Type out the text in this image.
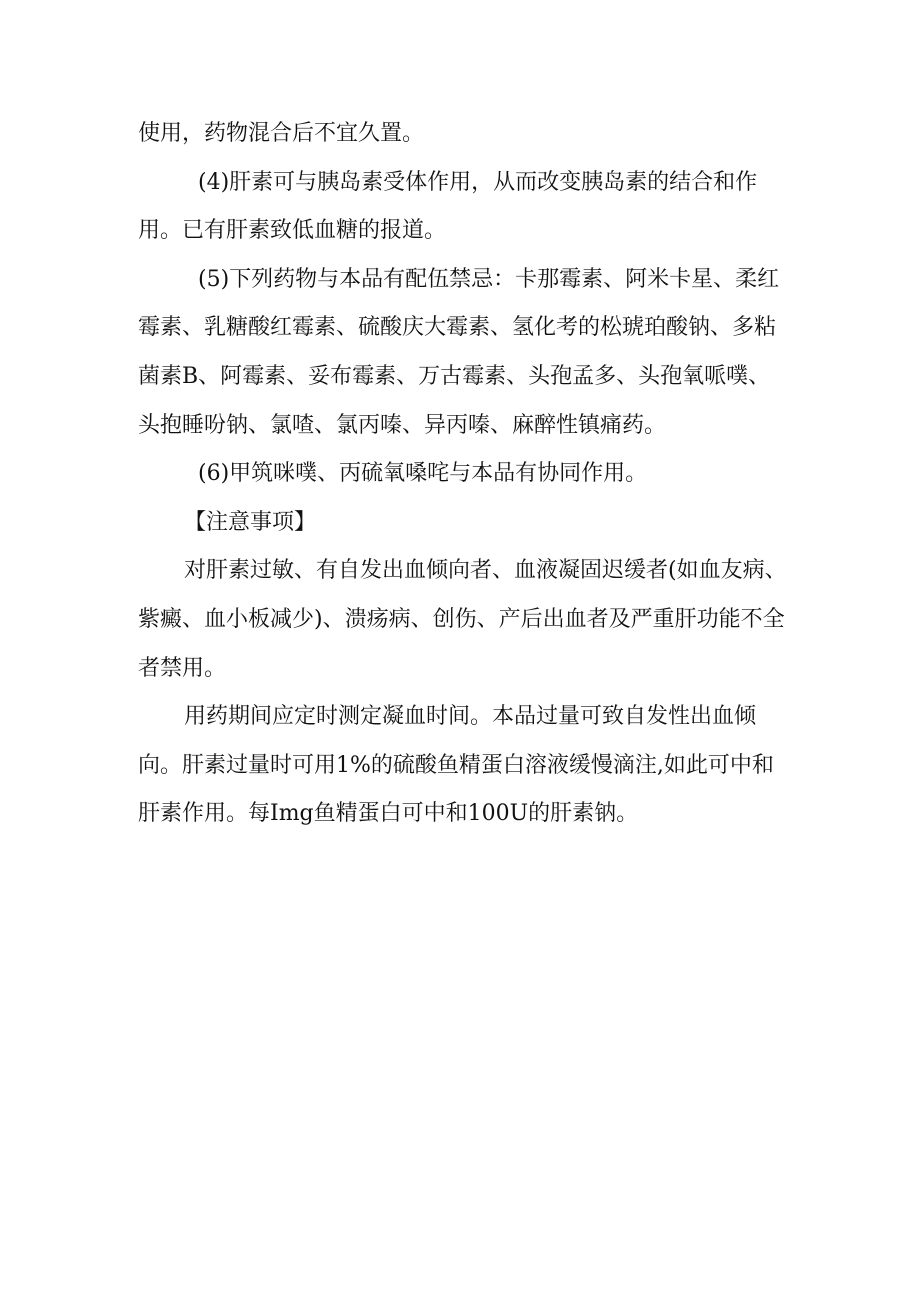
使用，药物混合后不宜久置。

(4)肝素可与胰岛素受体作用，从而改变胰岛素的结合和作用。已有肝素致低血糖的报道。

(5)下列药物与本品有配伍禁忌：卡那霉素、阿米卡星、柔红霉素、乳糖酸红霉素、硫酸庆大霉素、氢化考的松琥珀酸钠、多粘菌素B、阿霉素、妥布霉素、万古霉素、头孢孟多、头孢氧哌噗、头抱睡吩钠、氯喳、氯丙嗪、异丙嗪、麻醉性镇痛药。

(6)甲筑咪噗、丙硫氧嗓咤与本品有协同作用。

【注意事项】

对肝素过敏、有自发出血倾向者、血液凝固迟缓者(如血友病、紫癜、血小板减少)、溃疡病、创伤、产后出血者及严重肝功能不全者禁用。

用药期间应定时测定凝血时间。本品过量可致自发性出血倾向。肝素过量时可用1%的硫酸鱼精蛋白溶液缓慢滴注,如此可中和肝素作用。每Img鱼精蛋白可中和100U的肝素钠。
